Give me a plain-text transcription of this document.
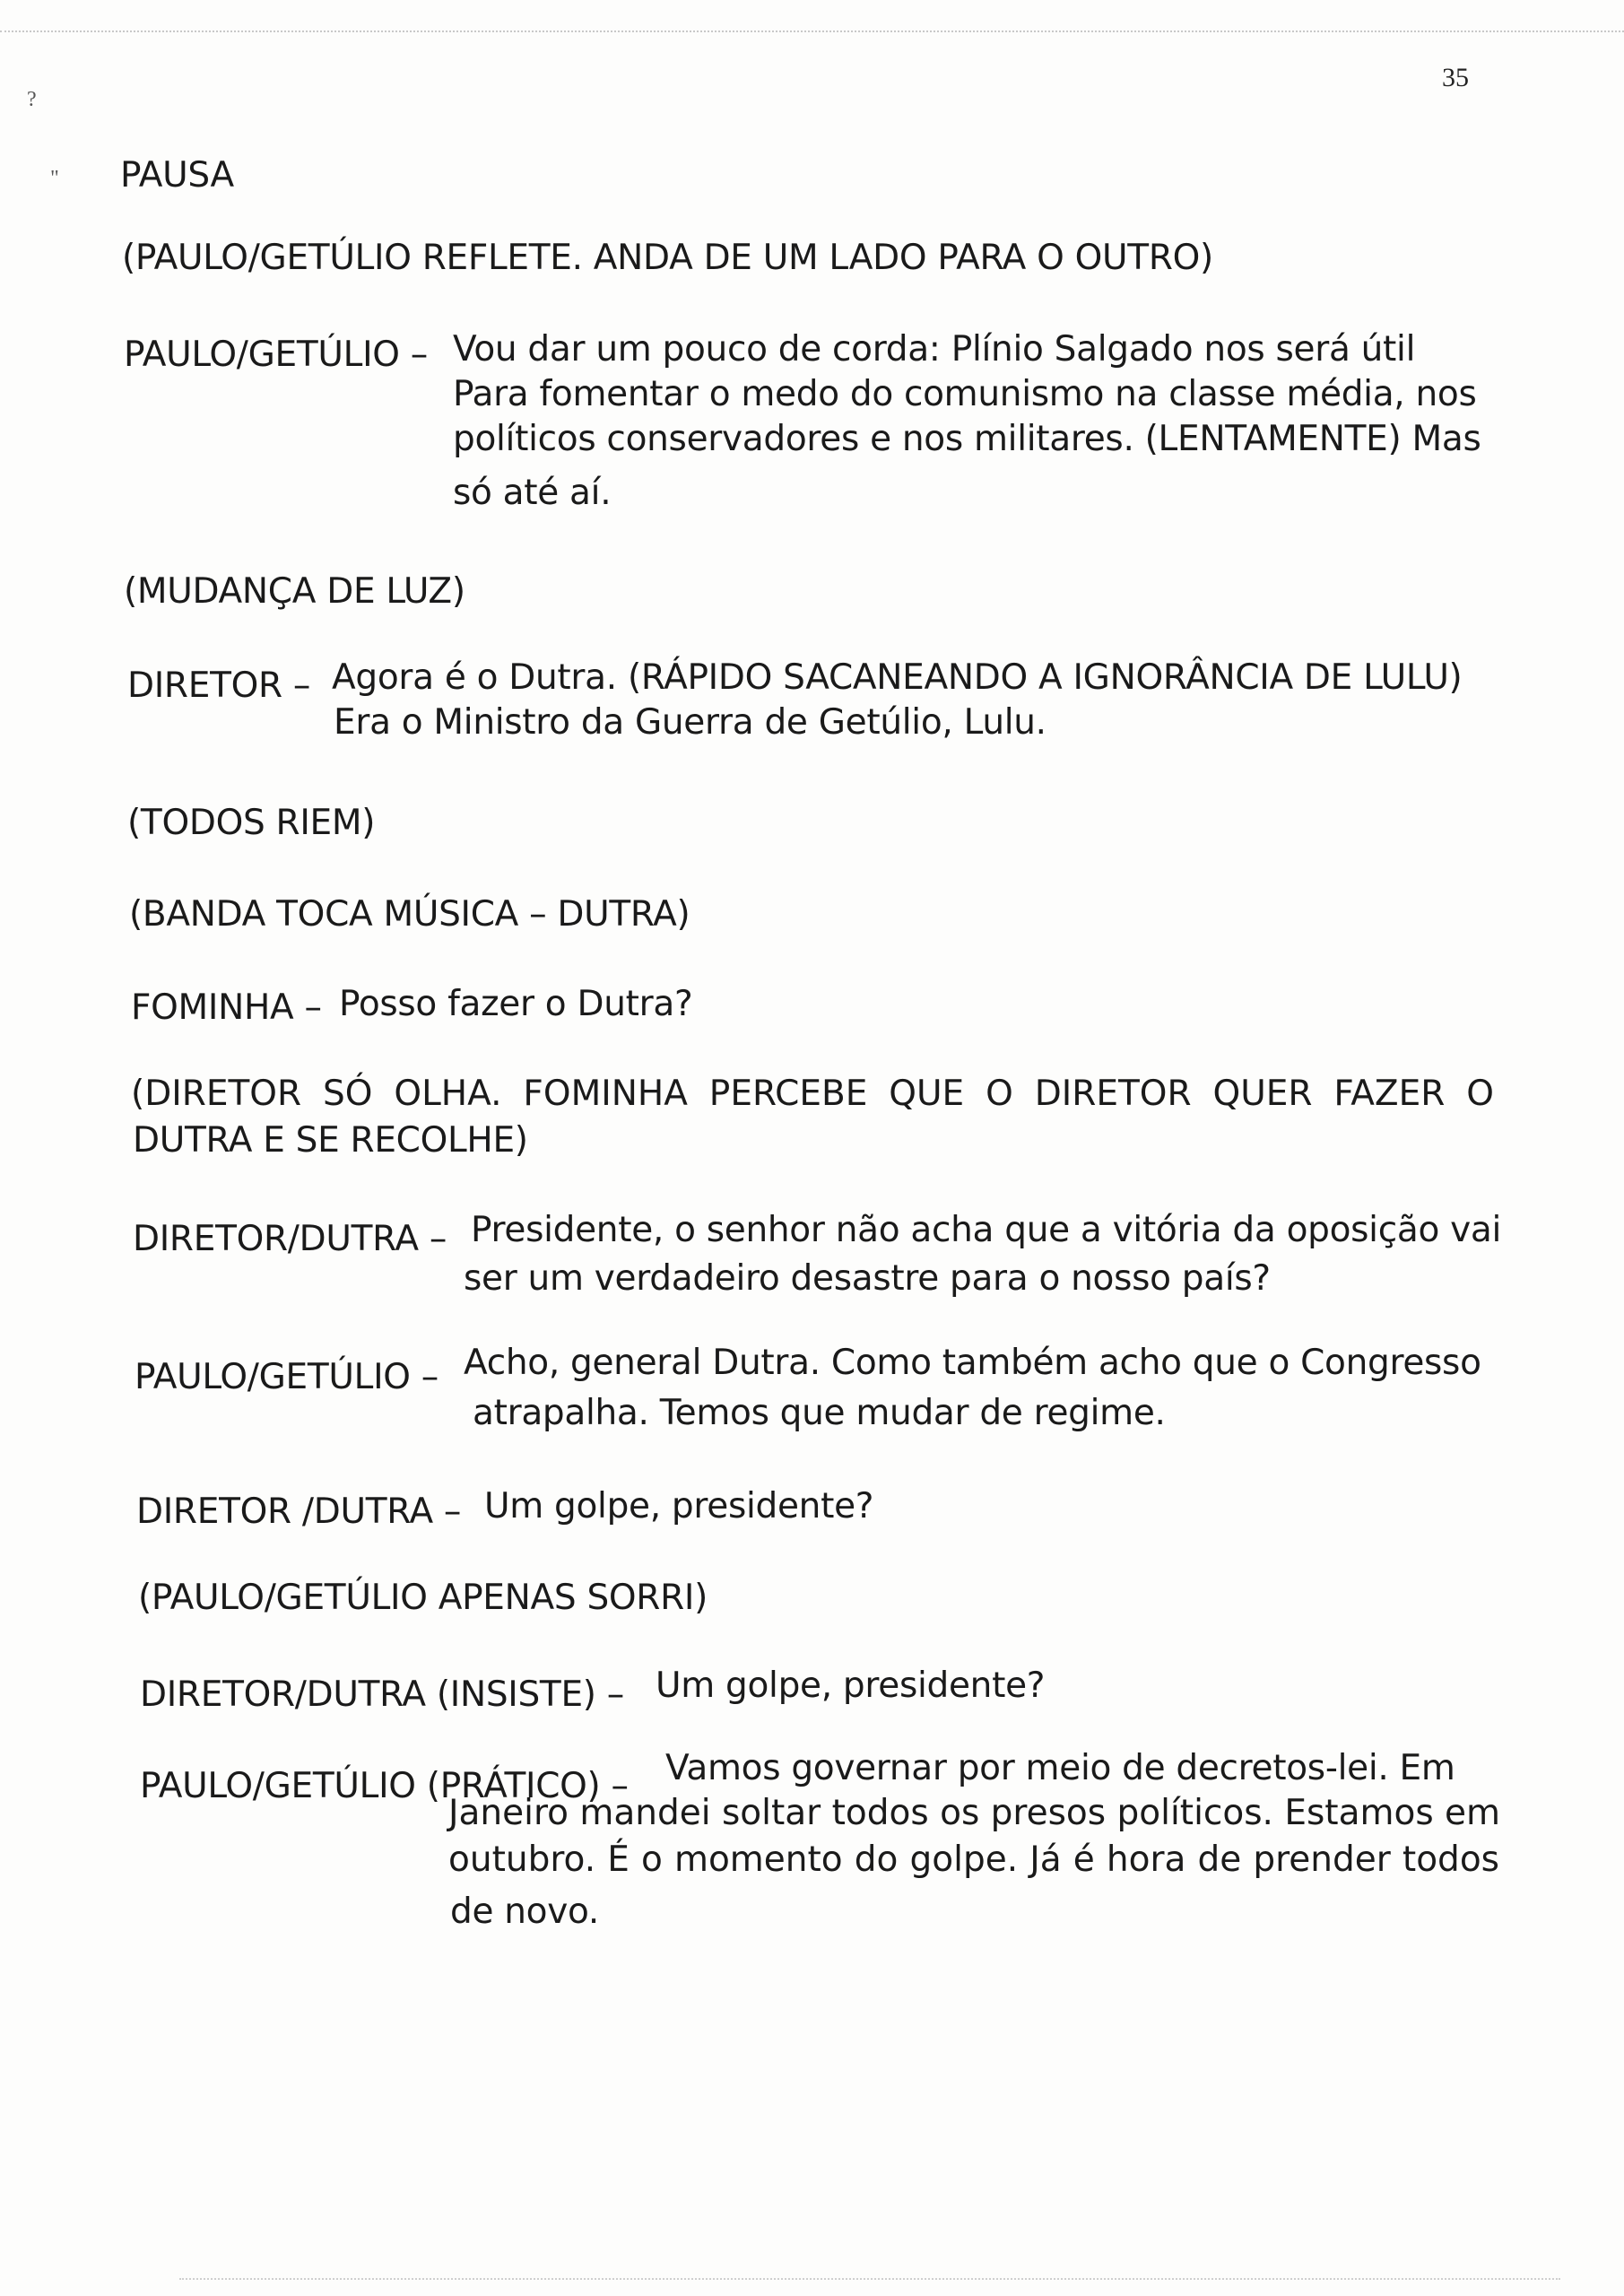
35
?
" PAUSA
(PAULO/GETÚLIO REFLETE. ANDA DE UM LADO PARA O OUTRO)
PAULO/GETÚLIO – Vou dar um pouco de corda: Plínio Salgado nos será útil
Para fomentar o medo do comunismo na classe média, nos
políticos conservadores e nos militares. (LENTAMENTE) Mas
só até aí.
(MUDANÇA DE LUZ)
DIRETOR – Agora é o Dutra. (RÁPIDO SACANEANDO A IGNORÂNCIA DE LULU)
Era o Ministro da Guerra de Getúlio, Lulu.
(TODOS RIEM)
(BANDA TOCA MÚSICA – DUTRA)
FOMINHA – Posso fazer o Dutra?
(DIRETOR SÓ OLHA. FOMINHA PERCEBE QUE O DIRETOR QUER FAZER O
DUTRA E SE RECOLHE)
DIRETOR/DUTRA – Presidente, o senhor não acha que a vitória da oposição vai
ser um verdadeiro desastre para o nosso país?
PAULO/GETÚLIO – Acho, general Dutra. Como também acho que o Congresso
atrapalha. Temos que mudar de regime.
DIRETOR /DUTRA – Um golpe, presidente?
(PAULO/GETÚLIO APENAS SORRI)
DIRETOR/DUTRA (INSISTE) – Um golpe, presidente?
PAULO/GETÚLIO (PRÁTICO) – Vamos governar por meio de decretos-lei. Em
Janeiro mandei soltar todos os presos políticos. Estamos em
outubro. É o momento do golpe. Já é hora de prender todos
de novo.
